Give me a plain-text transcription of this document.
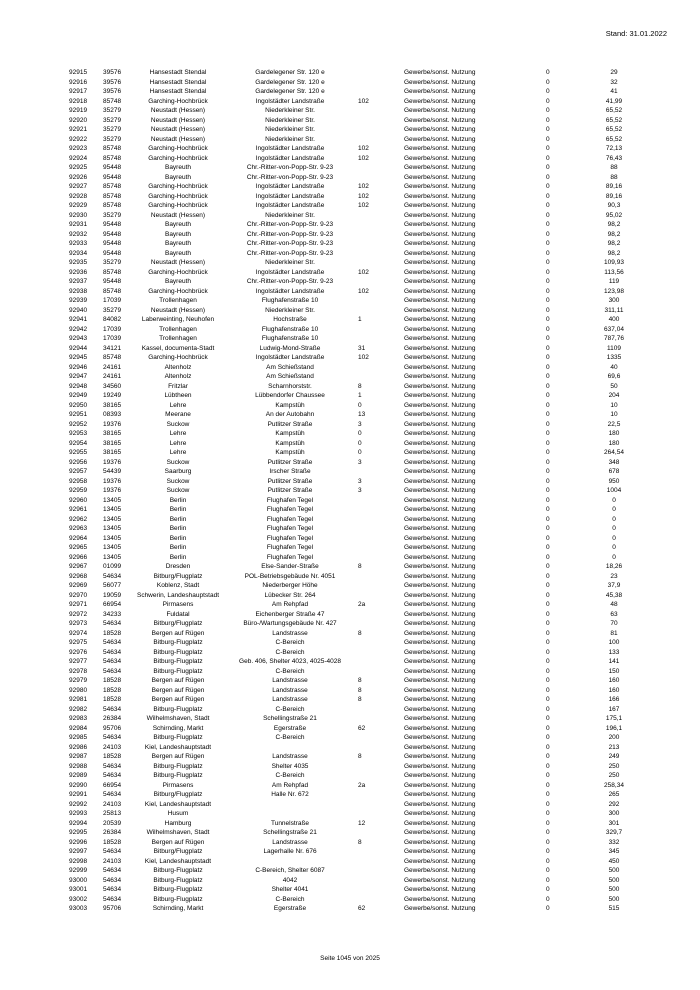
Stand: 31.01.2022
92915 39576	Hansestadt Stendal	Gardelegener Str. 120 e	Gewerbe/sonst. Nutzung	0	29
92916 39576	Hansestadt Stendal	Gardelegener Str. 120 e	Gewerbe/sonst. Nutzung	0	32
92917 39576	Hansestadt Stendal	Gardelegener Str. 120 e	Gewerbe/sonst. Nutzung	0	41
92918 85748	Garching-Hochbrück	Ingolstädter Landstraße	102	Gewerbe/sonst. Nutzung	0	41,99
92919 35279	Neustadt (Hessen)	Niederkleiner Str.	Gewerbe/sonst. Nutzung	0	65,52
92920 35279	Neustadt (Hessen)	Niederkleiner Str.	Gewerbe/sonst. Nutzung	0	65,52
92921 35279	Neustadt (Hessen)	Niederkleiner Str.	Gewerbe/sonst. Nutzung	0	65,52
92922 35279	Neustadt (Hessen)	Niederkleiner Str.	Gewerbe/sonst. Nutzung	0	65,52
92923 85748	Garching-Hochbrück	Ingolstädter Landstraße	102	Gewerbe/sonst. Nutzung	0	72,13
92924 85748	Garching-Hochbrück	Ingolstädter Landstraße	102	Gewerbe/sonst. Nutzung	0	76,43
92925 95448	Bayreuth	Chr.-Ritter-von-Popp-Str. 9-23	Gewerbe/sonst. Nutzung	0	88
92926 95448	Bayreuth	Chr.-Ritter-von-Popp-Str. 9-23	Gewerbe/sonst. Nutzung	0	88
92927 85748	Garching-Hochbrück	Ingolstädter Landstraße	102	Gewerbe/sonst. Nutzung	0	89,16
92928 85748	Garching-Hochbrück	Ingolstädter Landstraße	102	Gewerbe/sonst. Nutzung	0	89,16
92929 85748	Garching-Hochbrück	Ingolstädter Landstraße	102	Gewerbe/sonst. Nutzung	0	90,3
92930 35279	Neustadt (Hessen)	Niederkleiner Str.	Gewerbe/sonst. Nutzung	0	95,02
92931 95448	Bayreuth	Chr.-Ritter-von-Popp-Str. 9-23	Gewerbe/sonst. Nutzung	0	98,2
92932 95448	Bayreuth	Chr.-Ritter-von-Popp-Str. 9-23	Gewerbe/sonst. Nutzung	0	98,2
92933 95448	Bayreuth	Chr.-Ritter-von-Popp-Str. 9-23	Gewerbe/sonst. Nutzung	0	98,2
92934 95448	Bayreuth	Chr.-Ritter-von-Popp-Str. 9-23	Gewerbe/sonst. Nutzung	0	98,2
92935 35279	Neustadt (Hessen)	Niederkleiner Str.	Gewerbe/sonst. Nutzung	0	109,93
92936 85748	Garching-Hochbrück	Ingolstädter Landstraße	102	Gewerbe/sonst. Nutzung	0	113,56
92937 95448	Bayreuth	Chr.-Ritter-von-Popp-Str. 9-23	Gewerbe/sonst. Nutzung	0	119
92938 85748	Garching-Hochbrück	Ingolstädter Landstraße	102	Gewerbe/sonst. Nutzung	0	123,98
92939 17039	Trollenhagen	Flughafenstraße 10	Gewerbe/sonst. Nutzung	0	300
92940 35279	Neustadt (Hessen)	Niederkleiner Str.	Gewerbe/sonst. Nutzung	0	311,11
92941 84082	Laberweinting, Neuhofen	Hochstraße	1	Gewerbe/sonst. Nutzung	0	400
92942 17039	Trollenhagen	Flughafenstraße 10	Gewerbe/sonst. Nutzung	0	637,04
92943 17039	Trollenhagen	Flughafenstraße 10	Gewerbe/sonst. Nutzung	0	787,76
92944 34121	Kassel, documenta-Stadt	Ludwig-Mond-Straße	31	Gewerbe/sonst. Nutzung	0	1109
92945 85748	Garching-Hochbrück	Ingolstädter Landstraße	102	Gewerbe/sonst. Nutzung	0	1335
92946 24161	Altenholz	Am Schießstand	Gewerbe/sonst. Nutzung	0	40
92947 24161	Altenholz	Am Schießstand	Gewerbe/sonst. Nutzung	0	69,6
92948 34560	Fritzlar	Scharnhorststr.	8	Gewerbe/sonst. Nutzung	0	50
92949 19249	Lübtheen	Lübbendorfer Chaussee	1	Gewerbe/sonst. Nutzung	0	204
92950 38165	Lehre	Kampstüh	0	Gewerbe/sonst. Nutzung	0	10
92951 08393	Meerane	An der Autobahn	13	Gewerbe/sonst. Nutzung	0	10
92952 19376	Suckow	Putlitzer Straße	3	Gewerbe/sonst. Nutzung	0	22,5
92953 38165	Lehre	Kampstüh	0	Gewerbe/sonst. Nutzung	0	180
92954 38165	Lehre	Kampstüh	0	Gewerbe/sonst. Nutzung	0	180
92955 38165	Lehre	Kampstüh	0	Gewerbe/sonst. Nutzung	0	264,54
92956 19376	Suckow	Putlitzer Straße	3	Gewerbe/sonst. Nutzung	0	348
92957 54439	Saarburg	Irscher Straße	Gewerbe/sonst. Nutzung	0	678
92958 19376	Suckow	Putlitzer Straße	3	Gewerbe/sonst. Nutzung	0	950
92959 19376	Suckow	Putlitzer Straße	3	Gewerbe/sonst. Nutzung	0	1004
92960 13405	Berlin	Flughafen Tegel	Gewerbe/sonst. Nutzung	0	0
92961 13405	Berlin	Flughafen Tegel	Gewerbe/sonst. Nutzung	0	0
92962 13405	Berlin	Flughafen Tegel	Gewerbe/sonst. Nutzung	0	0
92963 13405	Berlin	Flughafen Tegel	Gewerbe/sonst. Nutzung	0	0
92964 13405	Berlin	Flughafen Tegel	Gewerbe/sonst. Nutzung	0	0
92965 13405	Berlin	Flughafen Tegel	Gewerbe/sonst. Nutzung	0	0
92966 13405	Berlin	Flughafen Tegel	Gewerbe/sonst. Nutzung	0	0
92967 01099	Dresden	Else-Sander-Straße	8	Gewerbe/sonst. Nutzung	0	18,26
92968 54634	Bitburg/Flugplatz	POL-Betriebsgebäude Nr. 4051	Gewerbe/sonst. Nutzung	0	23
92969 56077	Koblenz, Stadt	Niederberger Höhe	Gewerbe/sonst. Nutzung	0	37,9
92970 19059 Schwerin, Landeshauptstadt	Lübecker Str. 264	Gewerbe/sonst. Nutzung	0	45,38
92971 66954	Pirmasens	Am Rehpfad	2a	Gewerbe/sonst. Nutzung	0	48
92972 34233	Fuldatal	Eichenberger Straße 47	Gewerbe/sonst. Nutzung	0	63
92973 54634	Bitburg/Flugplatz	Büro-/Wartungsgebäude Nr. 427	Gewerbe/sonst. Nutzung	0	70
92974 18528	Bergen auf Rügen	Landstrasse	8	Gewerbe/sonst. Nutzung	0	81
92975 54634	Bitburg-Flugplatz	C-Bereich	Gewerbe/sonst. Nutzung	0	100
92976 54634	Bitburg-Flugplatz	C-Bereich	Gewerbe/sonst. Nutzung	0	133
92977 54634	Bitburg-Flugplatz	Geb. 406, Shelter 4023, 4025-4028	Gewerbe/sonst. Nutzung	0	141
92978 54634	Bitburg-Flugplatz	C-Bereich	Gewerbe/sonst. Nutzung	0	150
92979 18528	Bergen auf Rügen	Landstrasse	8	Gewerbe/sonst. Nutzung	0	160
92980 18528	Bergen auf Rügen	Landstrasse	8	Gewerbe/sonst. Nutzung	0	160
92981 18528	Bergen auf Rügen	Landstrasse	8	Gewerbe/sonst. Nutzung	0	166
92982 54634	Bitburg-Flugplatz	C-Bereich	Gewerbe/sonst. Nutzung	0	167
92983 26384	Wilhelmshaven, Stadt	Schellingstraße 21	Gewerbe/sonst. Nutzung	0	175,1
92984 95706	Schirnding, Markt	Egerstraße	62	Gewerbe/sonst. Nutzung	0	196,1
92985 54634	Bitburg-Flugplatz	C-Bereich	Gewerbe/sonst. Nutzung	0	200
92986 24103	Kiel, Landeshauptstadt	Gewerbe/sonst. Nutzung	0	213
92987 18528	Bergen auf Rügen	Landstrasse	8	Gewerbe/sonst. Nutzung	0	249
92988 54634	Bitburg-Flugplatz	Shelter 4035	Gewerbe/sonst. Nutzung	0	250
92989 54634	Bitburg-Flugplatz	C-Bereich	Gewerbe/sonst. Nutzung	0	250
92990 66954	Pirmasens	Am Rehpfad	2a	Gewerbe/sonst. Nutzung	0	258,34
92991 54634	Bitburg/Flugplatz	Halle Nr. 672	Gewerbe/sonst. Nutzung	0	265
92992 24103	Kiel, Landeshauptstadt	Gewerbe/sonst. Nutzung	0	292
92993 25813	Husum	Gewerbe/sonst. Nutzung	0	300
92994 20539	Hamburg	Tunnelstraße	12	Gewerbe/sonst. Nutzung	0	301
92995 26384	Wilhelmshaven, Stadt	Schellingstraße 21	Gewerbe/sonst. Nutzung	0	329,7
92996 18528	Bergen auf Rügen	Landstrasse	8	Gewerbe/sonst. Nutzung	0	332
92997 54634	Bitburg/Flugplatz	Lagerhalle Nr. 676	Gewerbe/sonst. Nutzung	0	345
92998 24103	Kiel, Landeshauptstadt	Gewerbe/sonst. Nutzung	0	450
92999 54634	Bitburg-Flugplatz	C-Bereich, Shelter 6087	Gewerbe/sonst. Nutzung	0	500
93000 54634	Bitburg-Flugplatz	4042	Gewerbe/sonst. Nutzung	0	500
93001 54634	Bitburg-Flugplatz	Shelter 4041	Gewerbe/sonst. Nutzung	0	500
93002 54634	Bitburg-Flugplatz	C-Bereich	Gewerbe/sonst. Nutzung	0	500
93003 95706	Schirnding, Markt	Egerstraße	62	Gewerbe/sonst. Nutzung	0	515
Seite 1045 von 2025
